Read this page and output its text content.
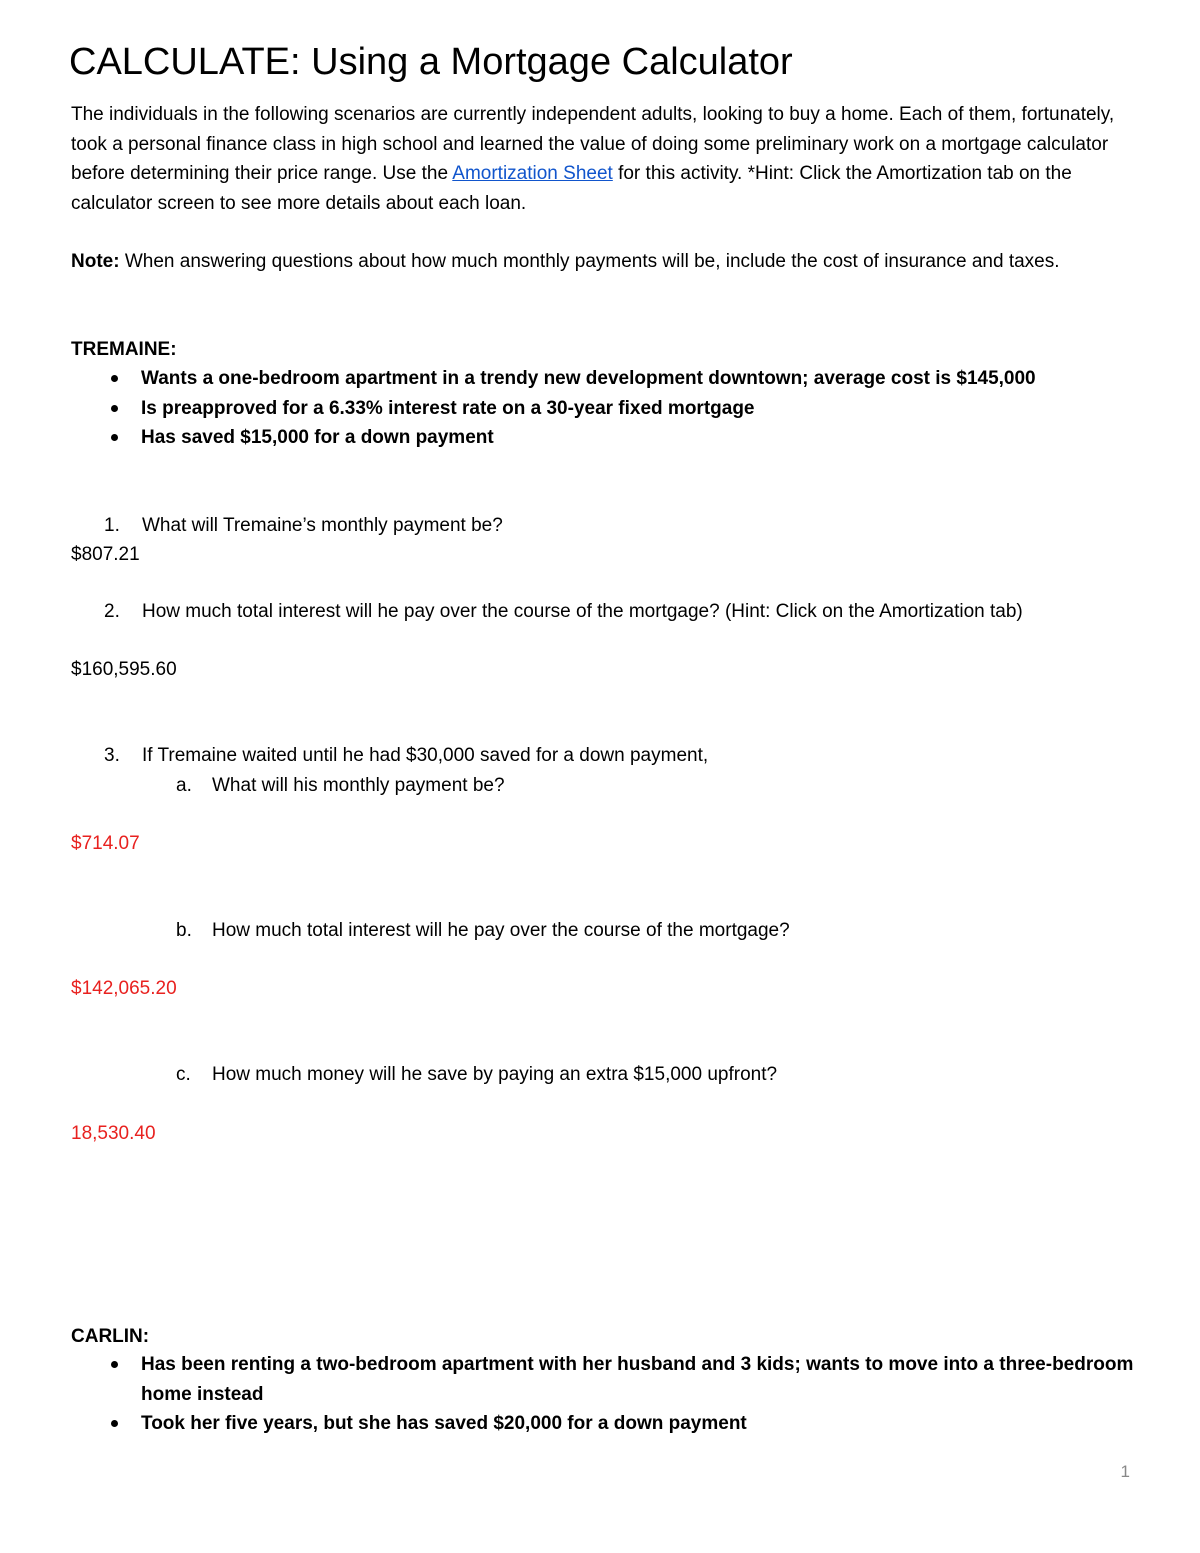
CALCULATE: Using a Mortgage Calculator
The individuals in the following scenarios are currently independent adults, looking to buy a home. Each of them, fortunately, took a personal finance class in high school and learned the value of doing some preliminary work on a mortgage calculator before determining their price range. Use the Amortization Sheet for this activity. *Hint: Click the Amortization tab on the calculator screen to see more details about each loan.
Note: When answering questions about how much monthly payments will be, include the cost of insurance and taxes.
TREMAINE:
Wants a one-bedroom apartment in a trendy new development downtown; average cost is $145,000
Is preapproved for a 6.33% interest rate on a 30-year fixed mortgage
Has saved $15,000 for a down payment
1. What will Tremaine’s monthly payment be?
$807.21
2. How much total interest will he pay over the course of the mortgage? (Hint: Click on the Amortization tab)
$160,595.60
3. If Tremaine waited until he had $30,000 saved for a down payment,
a. What will his monthly payment be?
$714.07
b. How much total interest will he pay over the course of the mortgage?
$142,065.20
c. How much money will he save by paying an extra $15,000 upfront?
18,530.40
CARLIN:
Has been renting a two-bedroom apartment with her husband and 3 kids; wants to move into a three-bedroom home instead
Took her five years, but she has saved $20,000 for a down payment
1
